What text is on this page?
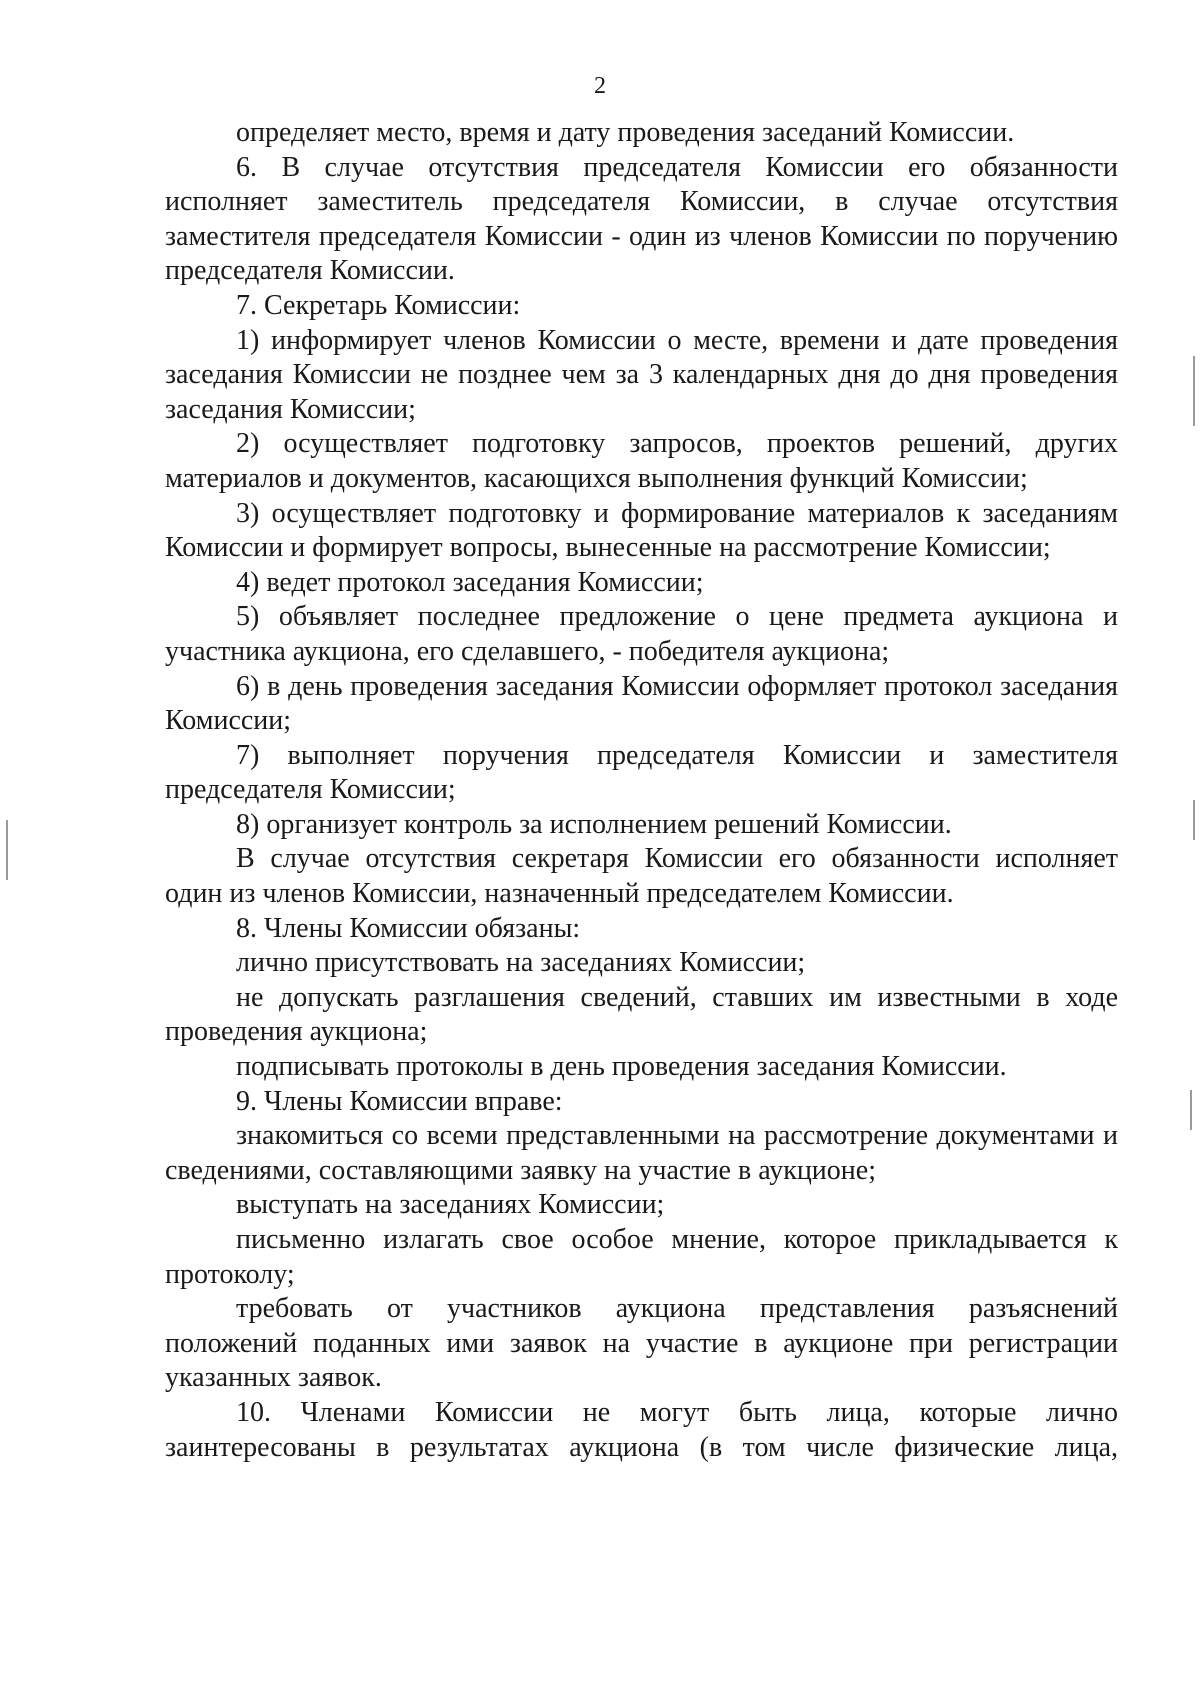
2

определяет место, время и дату проведения заседаний Комиссии.

6. В случае отсутствия председателя Комиссии его обязанности исполняет заместитель председателя Комиссии, в случае отсутствия заместителя председателя Комиссии - один из членов Комиссии по поручению председателя Комиссии.

7. Секретарь Комиссии:

1) информирует членов Комиссии о месте, времени и дате проведения заседания Комиссии не позднее чем за 3 календарных дня до дня проведения заседания Комиссии;

2) осуществляет подготовку запросов, проектов решений, других материалов и документов, касающихся выполнения функций Комиссии;

3) осуществляет подготовку и формирование материалов к заседаниям Комиссии и формирует вопросы, вынесенные на рассмотрение Комиссии;

4) ведет протокол заседания Комиссии;

5) объявляет последнее предложение о цене предмета аукциона и участника аукциона, его сделавшего, - победителя аукциона;

6) в день проведения заседания Комиссии оформляет протокол заседания Комиссии;

7) выполняет поручения председателя Комиссии и заместителя председателя Комиссии;

8) организует контроль за исполнением решений Комиссии.

В случае отсутствия секретаря Комиссии его обязанности исполняет один из членов Комиссии, назначенный председателем Комиссии.

8. Члены Комиссии обязаны:

лично присутствовать на заседаниях Комиссии;

не допускать разглашения сведений, ставших им известными в ходе проведения аукциона;

подписывать протоколы в день проведения заседания Комиссии.

9. Члены Комиссии вправе:

знакомиться со всеми представленными на рассмотрение документами и сведениями, составляющими заявку на участие в аукционе;

выступать на заседаниях Комиссии;

письменно излагать свое особое мнение, которое прикладывается к протоколу;

требовать от участников аукциона представления разъяснений положений поданных ими заявок на участие в аукционе при регистрации указанных заявок.

10. Членами Комиссии не могут быть лица, которые лично заинтересованы в результатах аукциона (в том числе физические лица,
